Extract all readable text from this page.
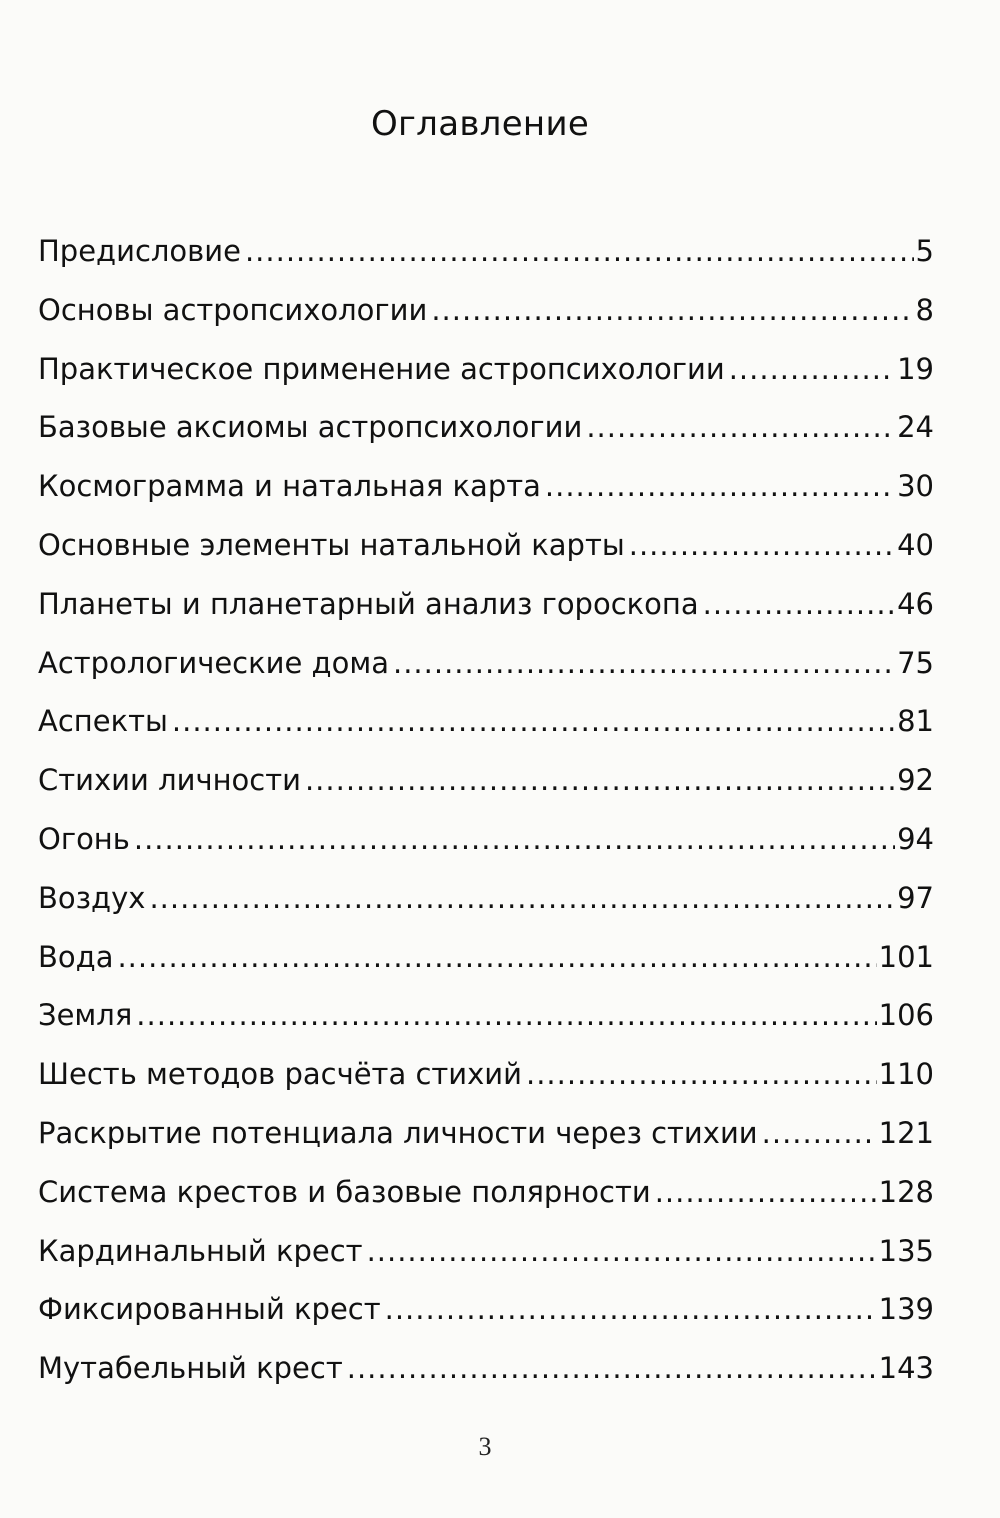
Оглавление
Предисловие .....	5
Основы астропсихологии .....	8
Практическое применение астропсихологии .....	19
Базовые аксиомы астропсихологии .....	24
Космограмма и натальная карта .....	30
Основные элементы натальной карты .....	40
Планеты и планетарный анализ гороскопа .....	46
Астрологические дома .....	75
Аспекты .....	81
Стихии личности .....	92
Огонь .....	94
Воздух .....	97
Вода .....	101
Земля .....	106
Шесть методов расчёта стихий .....	110
Раскрытие потенциала личности через стихии .....	121
Система крестов и базовые полярности .....	128
Кардинальный крест .....	135
Фиксированный крест .....	139
Мутабельный крест .....	143
3
